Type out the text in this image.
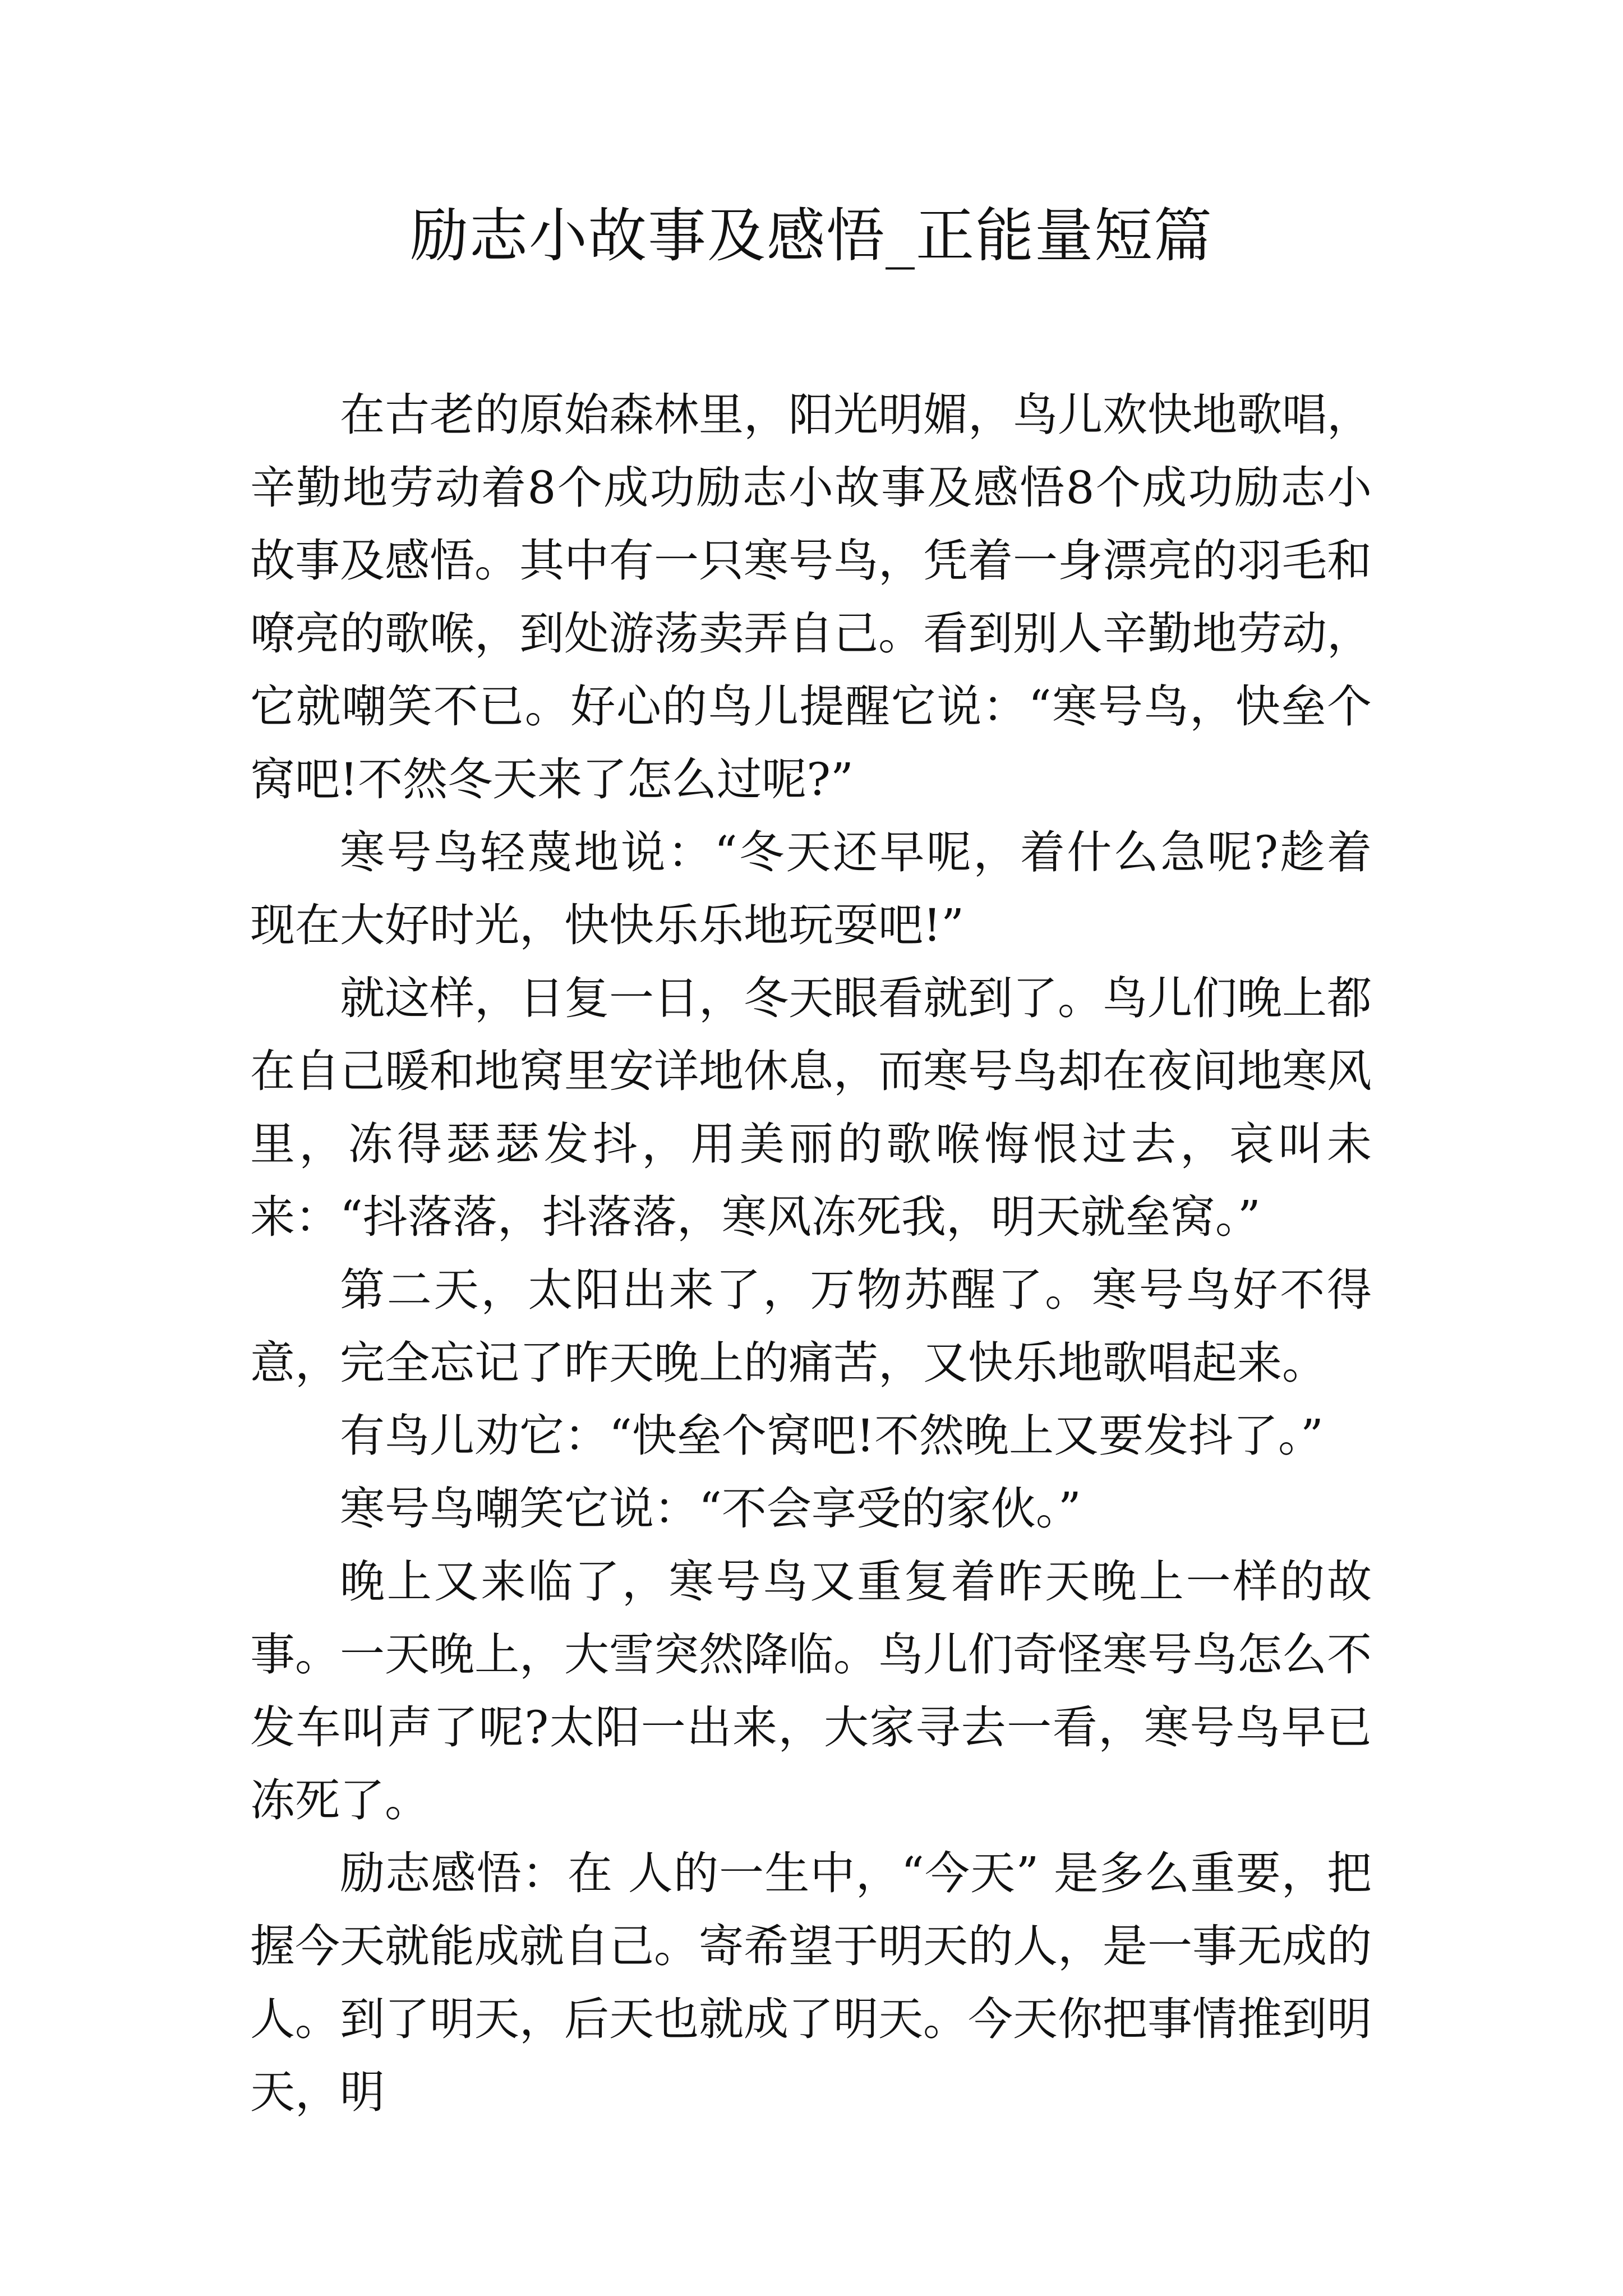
励志小故事及感悟_正能量短篇

在古老的原始森林里，阳光明媚，鸟儿欢快地歌唱，辛勤地劳动着8个成功励志小故事及感悟8个成功励志小故事及感悟。其中有一只寒号鸟，凭着一身漂亮的羽毛和嘹亮的歌喉，到处游荡卖弄自己。看到别人辛勤地劳动，它就嘲笑不已。好心的鸟儿提醒它说：“寒号鸟，快垒个窝吧!不然冬天来了怎么过呢?”

寒号鸟轻蔑地说：“冬天还早呢，着什么急呢?趁着现在大好时光，快快乐乐地玩耍吧!”

就这样，日复一日，冬天眼看就到了。鸟儿们晚上都在自己暖和地窝里安详地休息，而寒号鸟却在夜间地寒风里，冻得瑟瑟发抖，用美丽的歌喉悔恨过去，哀叫未来：“抖落落，抖落落，寒风冻死我，明天就垒窝。”

第二天，太阳出来了，万物苏醒了。寒号鸟好不得意，完全忘记了昨天晚上的痛苦，又快乐地歌唱起来。

有鸟儿劝它：“快垒个窝吧!不然晚上又要发抖了。”

寒号鸟嘲笑它说：“不会享受的家伙。”

晚上又来临了，寒号鸟又重复着昨天晚上一样的故事。一天晚上，大雪突然降临。鸟儿们奇怪寒号鸟怎么不发车叫声了呢?太阳一出来，大家寻去一看，寒号鸟早已冻死了。

励志感悟：在 人的一生中，“今天” 是多么重要，把握今天就能成就自己。寄希望于明天的人，是一事无成的人。到了明天，后天也就成了明天。今天你把事情推到明天，明
